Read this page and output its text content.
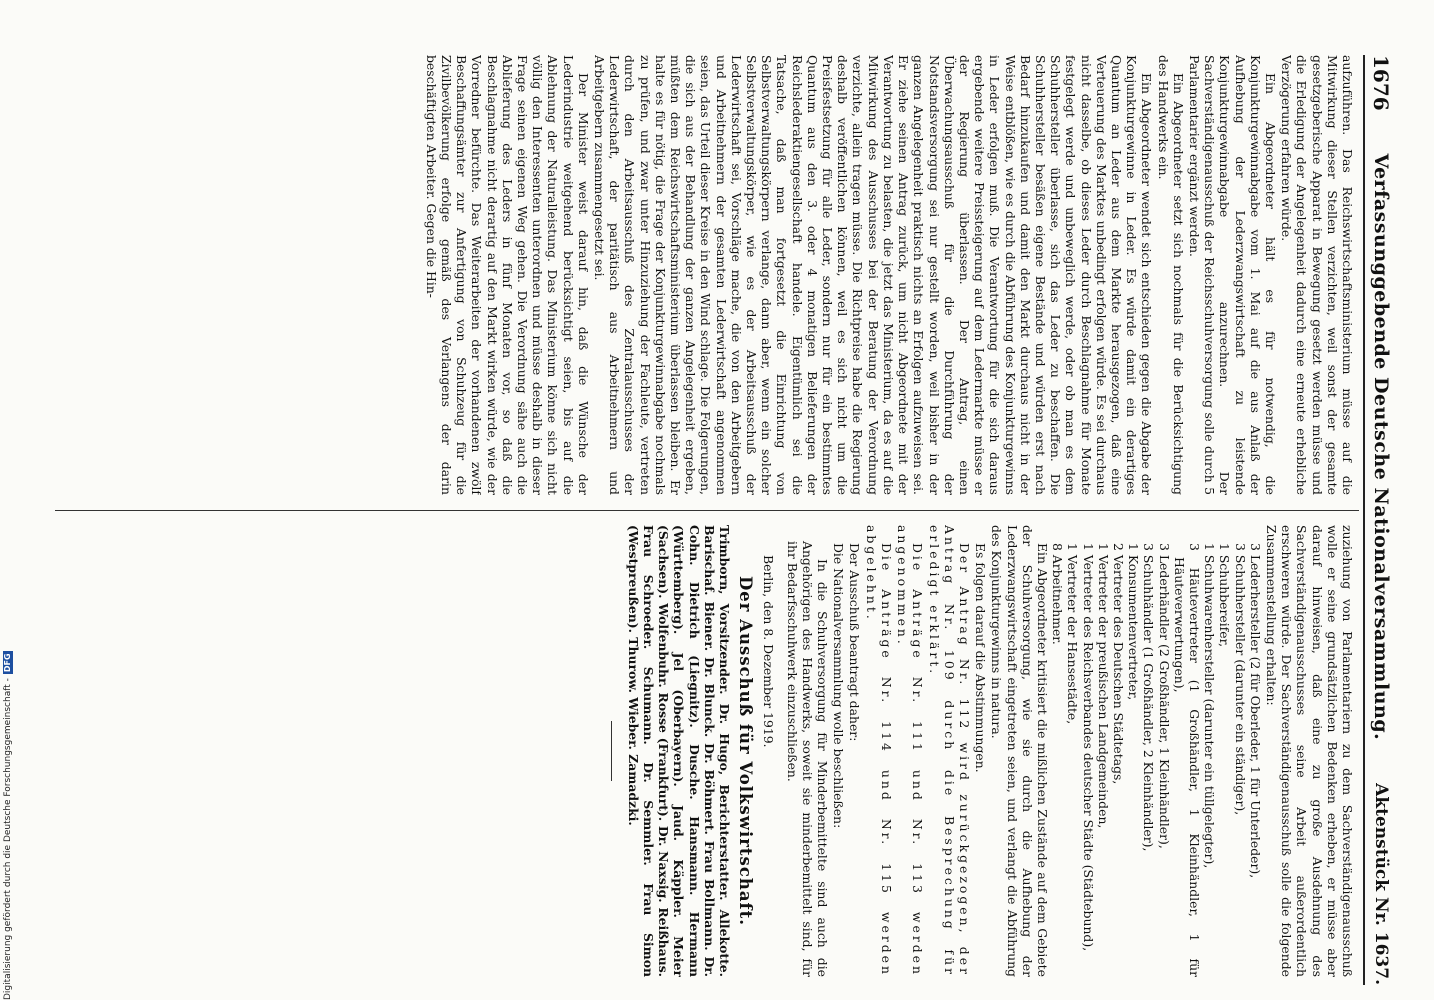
1676
Verfassunggebende Deutsche Nationalversammlung.
Aktenstück Nr. 1637.

aufzuführen. Das Reichswirtschaftsministerium müsse auf die Mitwirkung dieser Stellen verzichten, weil sonst der gesamte gesetzgeberische Apparat in Bewegung gesetzt werden müsse und die Erledigung der Angelegenheit dadurch eine erneute erhebliche Verzögerung erfahren würde.

Ein Abgeordneter hält es für notwendig, die Konjunkturgewinnabgabe vom 1. Mai auf die aus Anlaß der Aufhebung der Lederzwangswirtschaft zu leistende Konjunkturgewinnabgabe anzurechnen. Der Sachverständigenausschuß der Reichsschuhversorgung solle durch 5 Parlamentarier ergänzt werden.

Ein Abgeordneter setzt sich nochmals für die Berücksichtigung des Handwerks ein.

Ein Abgeordneter wendet sich entschieden gegen die Abgabe der Konjunkturgewinne in Leder. Es würde damit ein derartiges Quantum an Leder aus dem Markte herausgezogen, daß eine Verteuerung des Marktes unbedingt erfolgen würde. Es sei durchaus nicht dasselbe, ob dieses Leder durch Beschlagnahme für Monate festgelegt werde und unbeweglich werde, oder ob man es dem Schuhhersteller überlasse, sich das Leder zu beschaffen. Die Schuhhersteller besäßen eigene Bestände und würden erst nach Bedarf hinzukaufen und damit den Markt durchaus nicht in der Weise entblößen, wie es durch die Abführung des Konjunkturgewinns in Leder erfolgen muß. Die Verantwortung für die sich daraus ergebende weitere Preissteigerung auf dem Ledermarkte müsse er der Regierung überlassen. Der Antrag, einen Überwachungsausschuß für die Durchführung der Notstandsversorgung sei nur gestellt worden, weil bisher in der ganzen Angelegenheit praktisch nichts an Erfolgen aufzuweisen sei. Er ziehe seinen Antrag zurück, um nicht Abgeordnete mit der Verantwortung zu belasten, die jetzt das Ministerium, da es auf die Mitwirkung des Ausschusses bei der Beratung der Verordnung verzichte, allein tragen müsse. Die Richtpreise habe die Regierung deshalb veröffentlichen können, weil es sich nicht um die Preisfestsetzung für alle Leder, sondern nur für ein bestimmtes Quantum aus den 3. oder 4 monatigen Belieferungen der Reichslederaktiengesellschaft handele. Eigentümlich sei die Tatsache, daß man fortgesetzt die Einrichtung von Selbstverwaltungskörpern verlange, dann aber, wenn ein solcher Selbstverwaltungskörper, wie es der Arbeitsausschuß der Lederwirtschaft sei, Vorschläge mache, die von den Arbeitgebern und Arbeitnehmern der gesamten Lederwirtschaft angenommen seien, das Urteil dieser Kreise in den Wind schlage. Die Folgerungen, die sich aus der Behandlung der ganzen Angelegenheit ergeben, müßten dem Reichswirtschaftsministerium überlassen bleiben. Er halte es für nötig, die Frage der Konjunkturgewinnabgabe nochmals zu prüfen, und zwar unter Hinzuziehung der Fachleute, vertreten durch den Arbeitsausschuß des Zentralausschusses der Lederwirtschaft, der paritätisch aus Arbeitnehmern und Arbeitgebern zusammengesetzt sei.

Der Minister weist darauf hin, daß die Wünsche der Lederindustrie weitgehend berücksichtigt seien, bis auf die Ablehnung der Naturalleistung. Das Ministerium könne sich nicht völlig den Interessenten unterordnen und müsse deshalb in dieser Frage seinen eigenen Weg gehen. Die Verordnung sähe auch die Ablieferung des Leders in fünf Monaten vor, so daß die Beschlagnahme nicht derartig auf den Markt wirken würde, wie der Vorredner befürchte. Das Weiterarbeiten der vorhandenen zwölf Beschaffungsämter zur Anfertigung von Schuhzeug für die Zivilbevölkerung erfolge gemäß des Verlangens der darin beschäftigten Arbeiter. Gegen die Hin-

zuziehung von Parlamentariern zu dem Sachverständigenausschuß wolle er seine grundsätzlichen Bedenken erheben, er müsse aber darauf hinweisen, daß eine zu große Ausdehnung des Sachverständigenausschusses seine Arbeit außerordentlich erschweren würde. Der Sachverständigenausschuß solle die folgende Zusammenstellung erhalten:

3 Lederhersteller (2 für Oberleder, 1 für Unterleder),
3 Schuhhersteller (darunter ein ständiger),
1 Schuhbereifer,
1 Schuhwarenhersteller (darunter ein tüllgelegter),
3 Häutevertreter (1 Großhändler, 1 Kleinhändler, 1 für Häuteverwertungen),
3 Lederhändler (2 Großhändler, 1 Kleinhändler),
3 Schuhhändler (1 Großhändler, 2 Kleinhändler),
1 Konsumentenvertreter,
2 Vertreter des Deutschen Städtetags,
1 Vertreter der preußischen Landgemeinden,
1 Vertreter des Reichsverbandes deutscher Städte (Städtebund),
1 Vertreter der Hansestädte,
8 Arbeitnehmer.

Ein Abgeordneter kritisiert die mißlichen Zustände auf dem Gebiete der Schuhversorgung, wie sie durch die Aufhebung der Lederzwangswirtschaft eingetreten seien, und verlangt die Abführung des Konjunkturgewinns in natura.

Es folgen darauf die Abstimmungen.

Der Antrag Nr. 112 wird zurückgezogen, der Antrag Nr. 109 durch die Besprechung für erledigt erklärt.

Die Anträge Nr. 111 und Nr. 113 werden angenommen.

Die Anträge Nr. 114 und Nr. 115 werden abgelehnt.

Der Ausschuß beantragt daher:

Die Nationalversammlung wolle beschließen:

In die Schuhversorgung für Minderbemittelte sind auch die Angehörigen des Handwerks, soweit sie minderbemittelt sind, für ihr Bedarfsschuhwerk einzuschließen.

Berlin, den 8. Dezember 1919.
Der Ausschuß für Volkswirtschaft.
Trimborn, Vorsitzender. Dr. Hugo, Berichterstatter. Allekotte. Barischaf. Biener. Dr. Blunck. Dr. Böhmert. Frau Bollmann. Dr. Cohn. Dietrich (Liegnitz). Dusche. Hansmann. Hermann (Württemberg). Jel (Oberbayern). Jaud. Käppler. Meier (Sachsen). Wolfenbuhr. Rosse (Frankfurt). Dr. Naxsig. Reißhaus. Frau Schroeder. Schumann. Dr. Semmler. Frau Simon (Westpreußen). Thurow. Wieber. Zamadzki.
Digitalisierung gefördert durch die Deutsche Forschungsgemeinschaft -
DFG
